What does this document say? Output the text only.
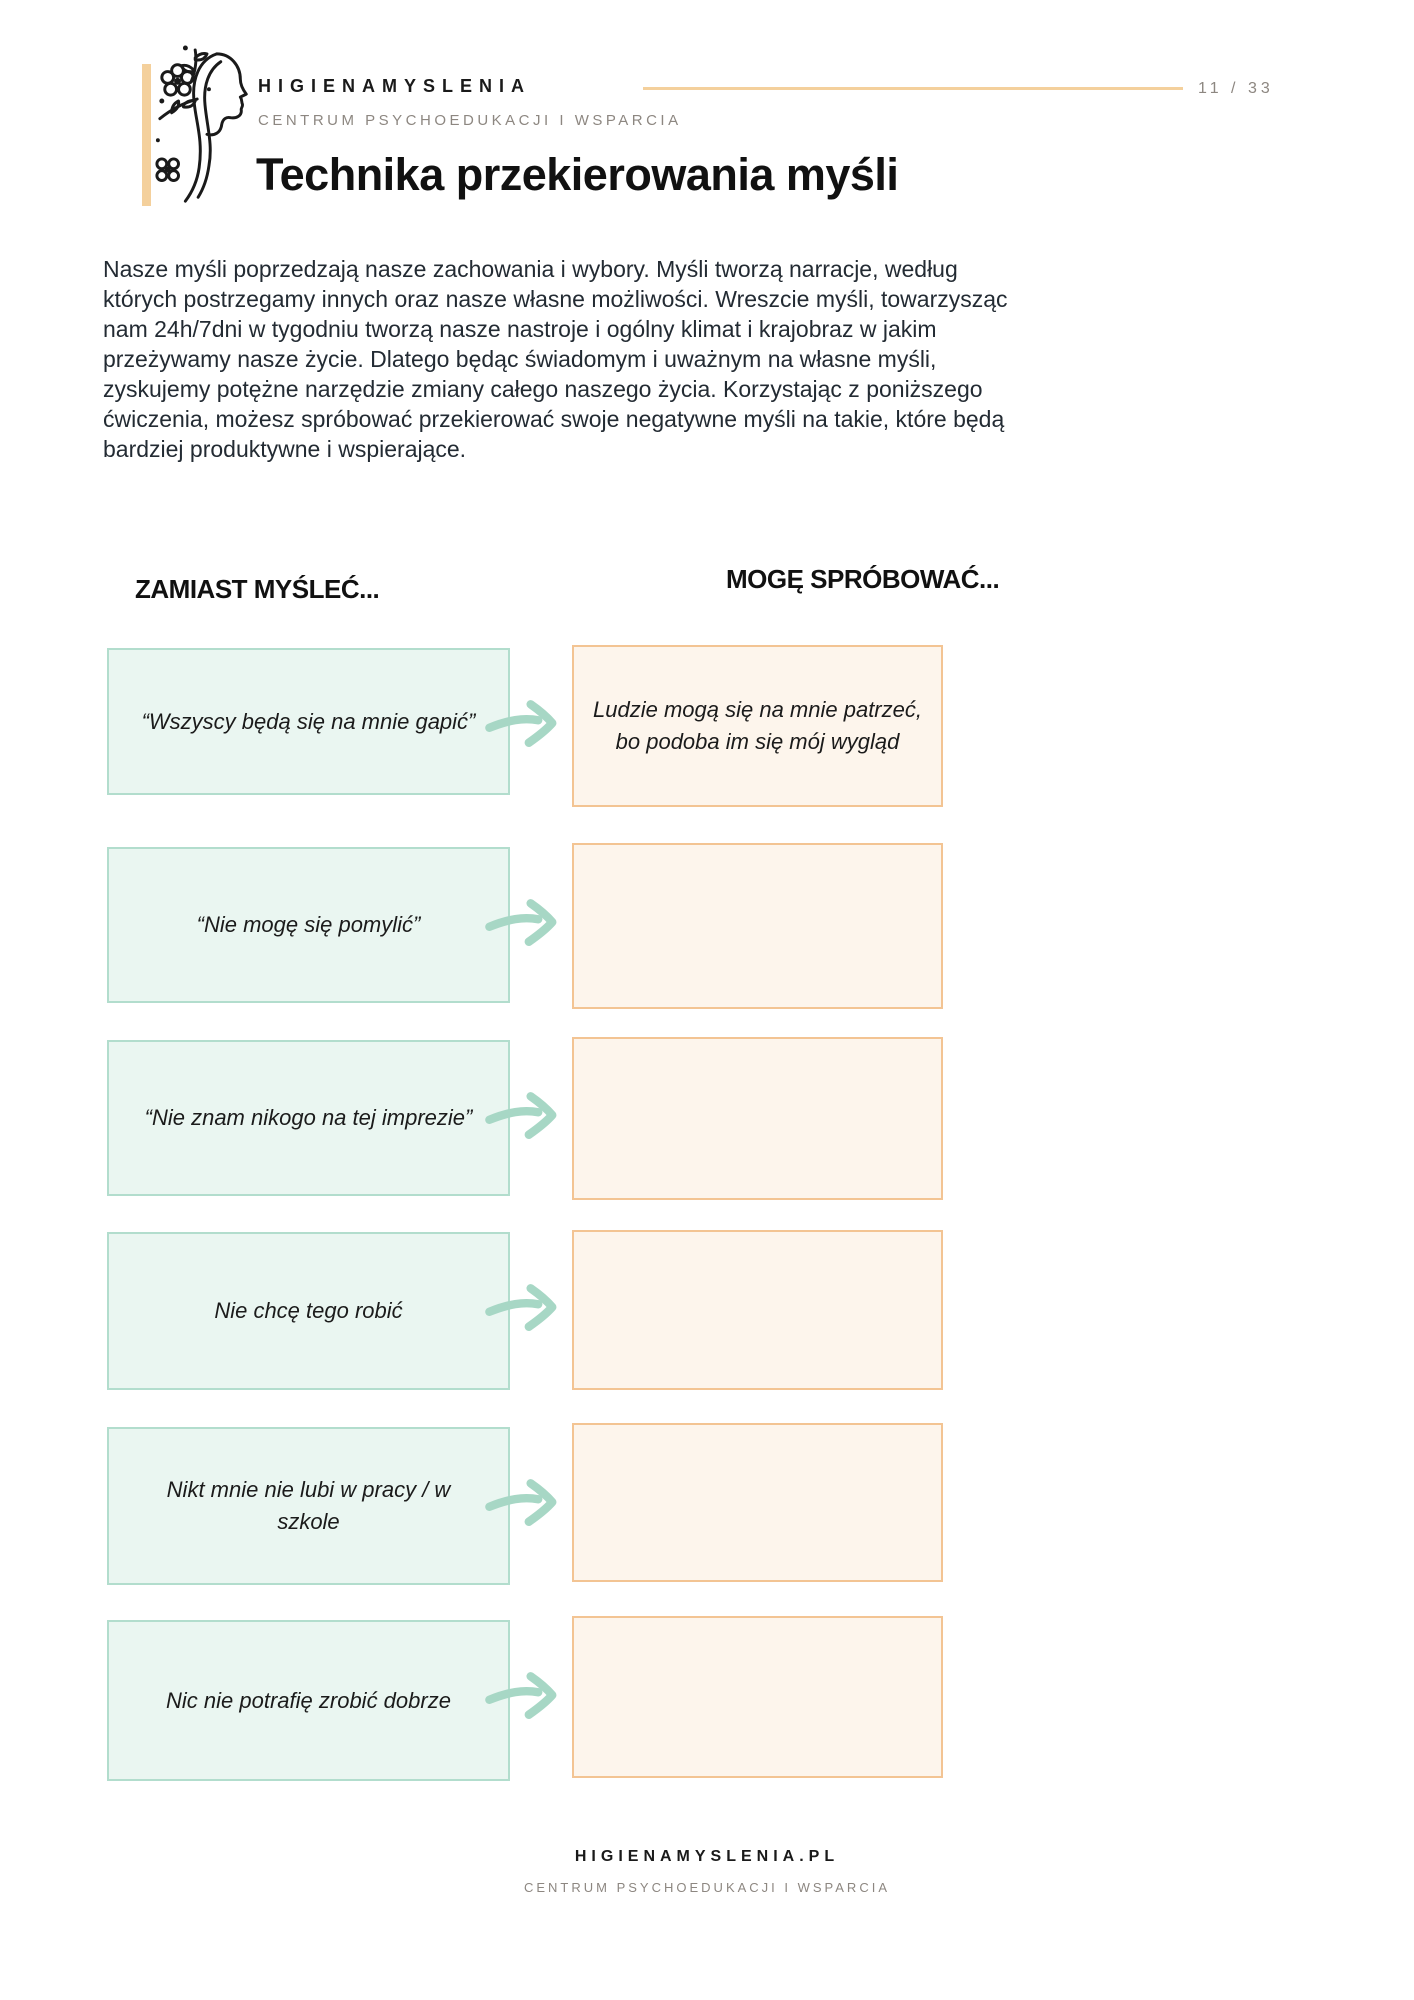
HIGIENAMYSLENIA	11 / 33
CENTRUM PSYCHOEDUKACJI I WSPARCIA
Technika przekierowania myśli

Nasze myśli poprzedzają nasze zachowania i wybory. Myśli tworzą narracje, według których postrzegamy innych oraz nasze własne możliwości. Wreszcie myśli, towarzysząc nam 24h/7dni w tygodniu tworzą nasze nastroje i ogólny klimat i krajobraz w jakim przeżywamy nasze życie. Dlatego będąc świadomym i uważnym na własne myśli, zyskujemy potężne narzędzie zmiany całego naszego życia. Korzystając z poniższego ćwiczenia, możesz spróbować przekierować swoje negatywne myśli na takie, które będą bardziej produktywne i wspierające.

ZAMIAST MYŚLEĆ...	MOGĘ SPRÓBOWAĆ...
“Wszyscy będą się na mnie gapić”	Ludzie mogą się na mnie patrzeć, bo podoba im się mój wygląd
“Nie mogę się pomylić”
“Nie znam nikogo na tej imprezie”
Nie chcę tego robić
Nikt mnie nie lubi w pracy / w szkole
Nic nie potrafię zrobić dobrze
HIGIENAMYSLENIA.PL
CENTRUM PSYCHOEDUKACJI I WSPARCIA
